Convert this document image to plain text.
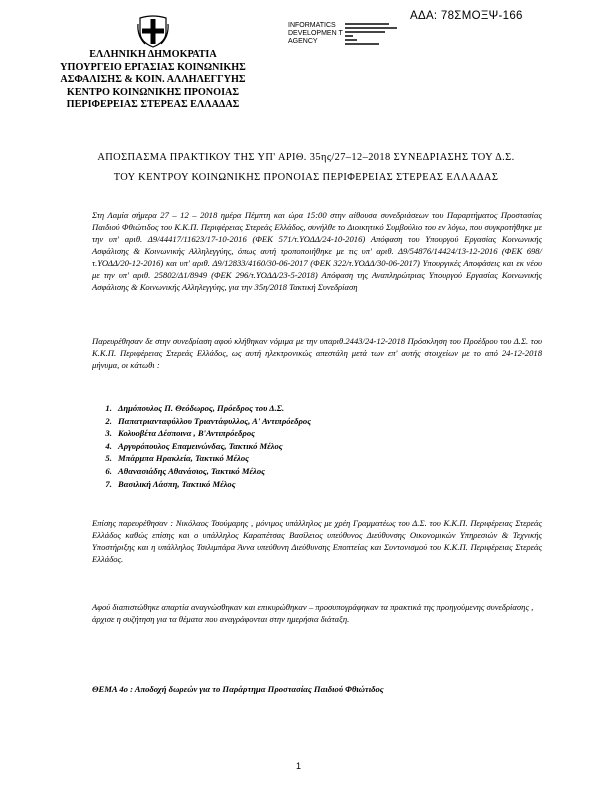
ΑΔΑ: 78ΣΜΟΞΨ-166
INFORMATICS
DEVELOPMEN T
AGENCY
ΕΛΛΗΝΙΚΗ ΔΗΜΟΚΡΑΤΙΑ
ΥΠΟΥΡΓΕΙΟ ΕΡΓΑΣΙΑΣ ΚΟΙΝΩΝΙΚΗΣ
ΑΣΦΑΛΙΣΗΣ & ΚΟΙΝ. ΑΛΛΗΛΕΓΓΥΗΣ
ΚΕΝΤΡΟ ΚΟΙΝΩΝΙΚΗΣ ΠΡΟΝΟΙΑΣ
ΠΕΡΙΦΕΡΕΙΑΣ ΣΤΕΡΕΑΣ ΕΛΛΑΔΑΣ
ΑΠΟΣΠΑΣΜΑ ΠΡΑΚΤΙΚΟΥ ΤΗΣ ΥΠ' ΑΡΙΘ. 35ης/27–12–2018 ΣΥΝΕΔΡΙΑΣΗΣ ΤΟΥ Δ.Σ.
ΤΟΥ ΚΕΝΤΡΟΥ ΚΟΙΝΩΝΙΚΗΣ ΠΡΟΝΟΙΑΣ ΠΕΡΙΦΕΡΕΙΑΣ ΣΤΕΡΕΑΣ ΕΛΛΑΔΑΣ
Στη Λαμία σήμερα 27 – 12 – 2018 ημέρα Πέμπτη και ώρα 15:00 στην αίθουσα συνεδριάσεων του Παραρτήματος Προστασίας Παιδιού Φθιώτιδος του Κ.Κ.Π. Περιφέρειας Στερεάς Ελλάδος, συνήλθε το Διοικητικό Συμβούλιο του εν λόγω, που συγκροτήθηκε με την υπ' αριθ. Δ9/44417/11623/17-10-2016 (ΦΕΚ 571/τ.ΥΟΔΔ/24-10-2016) Απόφαση του Υπουργού Εργασίας Κοινωνικής Ασφάλισης & Κοινωνικής Αλληλεγγύης, όπως αυτή τροποποιήθηκε με τις υπ' αριθ. Δ9/54876/14424/13-12-2016 (ΦΕΚ 698/τ.ΥΟΔΔ/20-12-2016) και υπ' αριθ. Δ9/12833/4160/30-06-2017 (ΦΕΚ 322/τ.ΥΟΔΔ/30-06-2017) Υπουργικές Αποφάσεις και εκ νέου με την υπ' αριθ. 25802/Δ1/8949 (ΦΕΚ 296/τ.ΥΟΔΔ/23-5-2018) Απόφαση της Αναπληρώτριας Υπουργού Εργασίας Κοινωνικής Ασφάλισης & Κοινωνικής Αλληλεγγύης, για την 35η/2018 Τακτική Συνεδρίαση
Παρευρέθησαν δε στην συνεδρίαση αφού κλήθηκαν νόμιμα με την υπαριθ.2443/24-12-2018 Πρόσκληση του Προέδρου του Δ.Σ. του Κ.Κ.Π. Περιφέρειας Στερεάς Ελλάδος, ως αυτή ηλεκτρονικώς απεστάλη μετά των επ' αυτής στοιχείων με το από 24-12-2018 μήνυμα, οι κάτωθι :
1. Δημόπουλος Π. Θεόδωρος, Πρόεδρος του Δ.Σ.
2. Παπατριανταφύλλου Τριαντάφυλλος, Α' Αντιπρόεδρος
3. Κολυοβέτα Δέσποινα , Β'Αντιπρόεδρος
4. Αργυρόπουλος Επαμεινώνδας, Τακτικό Μέλος
5. Μπάρμπα Ηρακλεία, Τακτικό Μέλος
6. Αθανασιάδης Αθανάσιος, Τακτικό Μέλος
7. Βασιλική Λάσπη, Τακτικό Μέλος
Επίσης παρευρέθησαν : Νικόλαος Τσούμαρης , μόνιμος υπάλληλος με χρέη Γραμματέως του Δ.Σ. του Κ.Κ.Π. Περιφέρειας Στερεάς Ελλάδος καθώς επίσης και ο υπάλληλος Καραπέτσας Βασίλειος υπεύθυνος Διεύθυνσης Οικονομικών Υπηρεσιών & Τεχνικής Υποστήριξης και η υπάλληλος Τσιλιμπάρα Άννα υπεύθυνη Διεύθυνσης Εποπτείας και Συντονισμού του Κ.Κ.Π. Περιφέρειας Στερεάς Ελλάδος.
Αφού διαπιστώθηκε απαρτία αναγνώσθηκαν και επικυρώθηκαν – προσυπογράφηκαν τα πρακτικά της προηγούμενης συνεδρίασης , άρχισε η συζήτηση για τα θέματα που αναγράφονται στην ημερήσια διάταξη.
ΘΕΜΑ 4ο : Αποδοχή δωρεών για το Παράρτημα Προστασίας Παιδιού Φθιώτιδος
1
